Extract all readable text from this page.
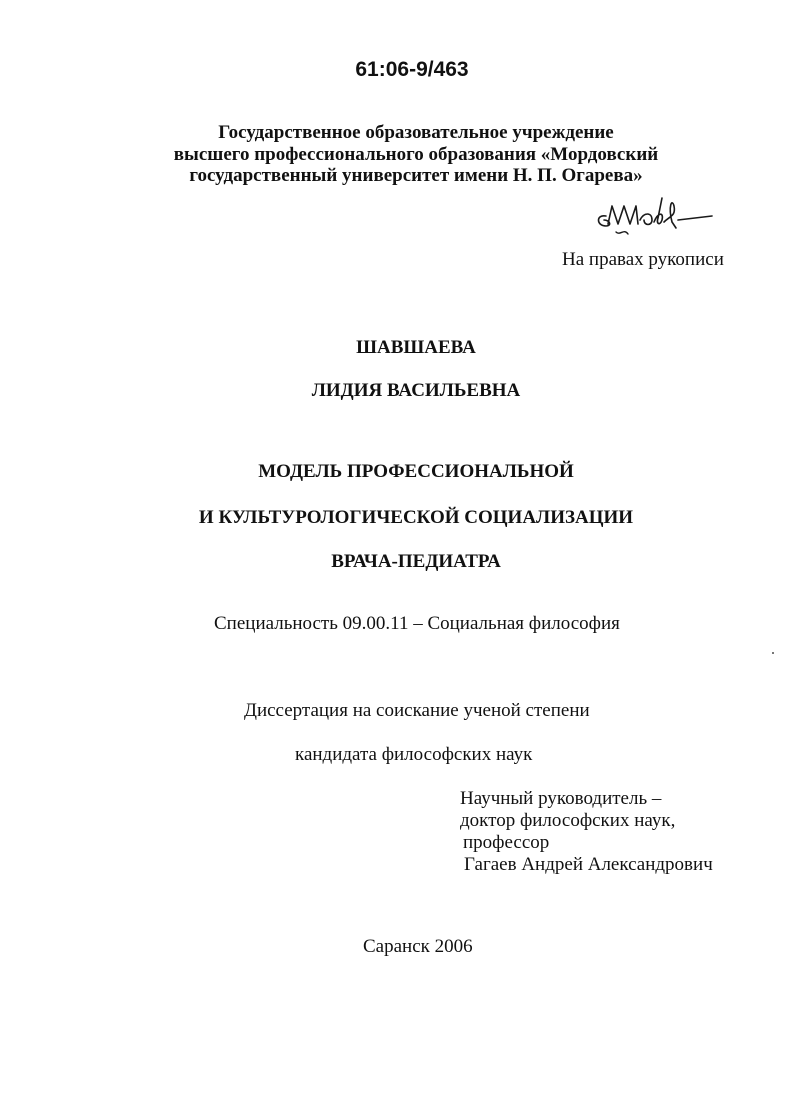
61:06-9/463
Государственное образовательное учреждение
высшего профессионального образования «Мордовский
государственный университет имени Н. П. Огарева»
На правах рукописи
ШАВШАЕВА
ЛИДИЯ ВАСИЛЬЕВНА
МОДЕЛЬ ПРОФЕССИОНАЛЬНОЙ
И КУЛЬТУРОЛОГИЧЕСКОЙ СОЦИАЛИЗАЦИИ
ВРАЧА-ПЕДИАТРА
Специальность 09.00.11 – Социальная философия
Диссертация на соискание ученой степени
кандидата философских наук
Научный руководитель –
доктор философских наук,
профессор
Гагаев Андрей Александрович
Саранск 2006
